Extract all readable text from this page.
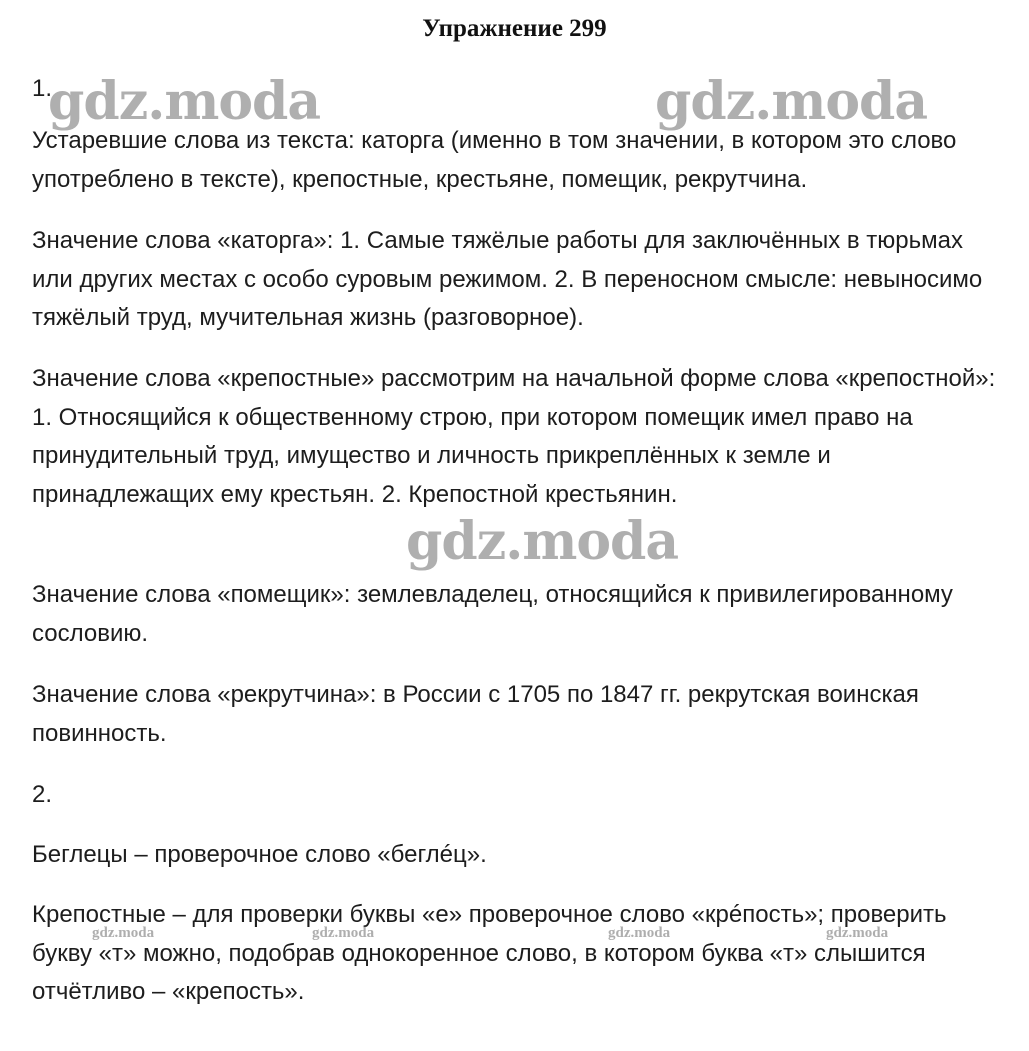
Упражнение 299
1.

Устаревшие слова из текста: каторга (именно в том значении, в котором это слово употреблено в тексте), крепостные, крестьяне, помещик, рекрутчина.

Значение слова «каторга»: 1. Самые тяжёлые работы для заключённых в тюрьмах или других местах с особо суровым режимом. 2. В переносном смысле: невыносимо тяжёлый труд, мучительная жизнь (разговорное).

Значение слова «крепостные» рассмотрим на начальной форме слова «крепостной»: 1. Относящийся к общественному строю, при котором помещик имел право на принудительный труд, имущество и личность прикреплённых к земле и принадлежащих ему крестьян. 2. Крепостной крестьянин.

Значение слова «помещик»: землевладелец, относящийся к привилегированному сословию.

Значение слова «рекрутчина»: в России с 1705 по 1847 гг. рекрутская воинская повинность.

2.

Беглецы – проверочное слово «беглéц».

Крепостные – для проверки буквы «е» проверочное слово «крéпость»; проверить букву «т» можно, подобрав однокоренное слово, в котором буква «т» слышится отчётливо – «крепость».

gdz.moda	gdz.moda
gdz.moda
gdz.moda	gdz.moda	gdz.moda	gdz.moda
